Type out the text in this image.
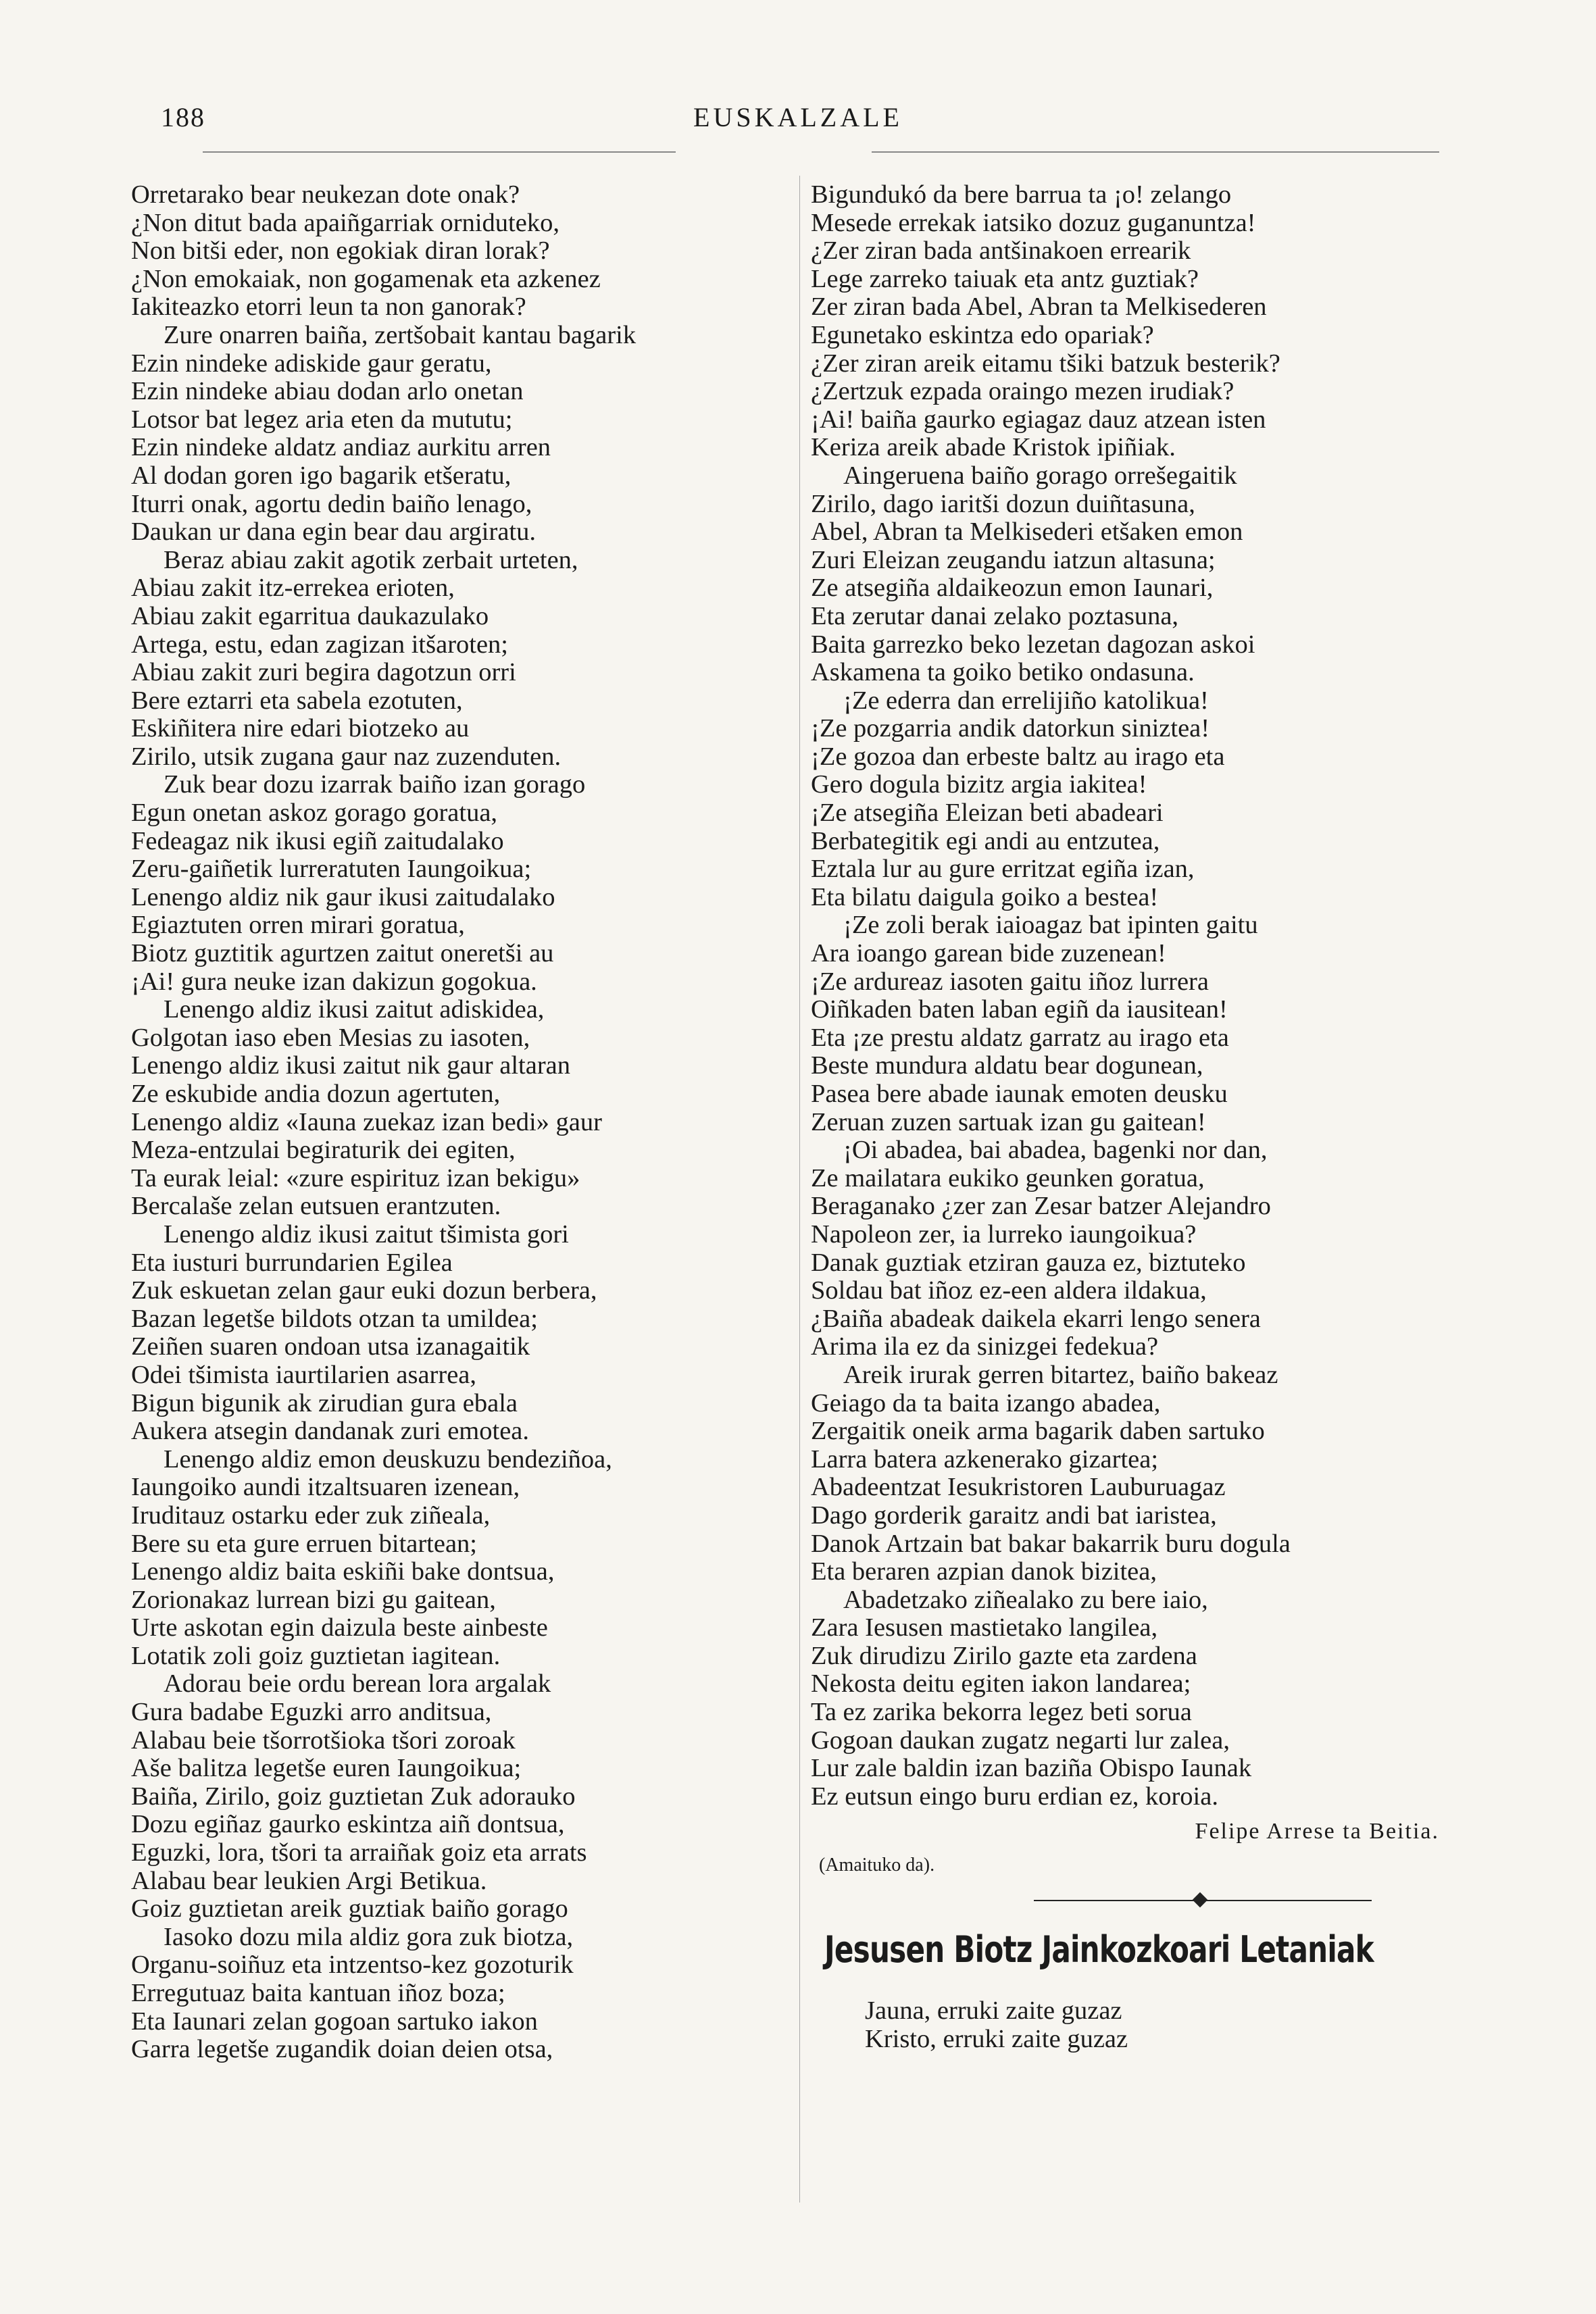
188	EUSKALZALE
Orretarako bear neukezan dote onak?
¿Non ditut bada apaiñgarriak orniduteko,
Non bitši eder, non egokiak diran lorak?
¿Non emokaiak, non gogamenak eta azkenez
Iakiteazko etorri leun ta non ganorak?
Zure onarren baiña, zertšobait kantau bagarik
Ezin nindeke adiskide gaur geratu,
Ezin nindeke abiau dodan arlo onetan
Lotsor bat legez aria eten da mututu;
Ezin nindeke aldatz andiaz aurkitu arren
Al dodan goren igo bagarik etšeratu,
Iturri onak, agortu dedin baiño lenago,
Daukan ur dana egin bear dau argiratu.
Beraz abiau zakit agotik zerbait urteten,
Abiau zakit itz-errekea erioten,
Abiau zakit egarritua daukazulako
Artega, estu, edan zagizan itšaroten;
Abiau zakit zuri begira dagotzun orri
Bere eztarri eta sabela ezotuten,
Eskiñitera nire edari biotzeko au
Zirilo, utsik zugana gaur naz zuzenduten.
Zuk bear dozu izarrak baiño izan gorago
Egun onetan askoz gorago goratua,
Fedeagaz nik ikusi egiñ zaitudalako
Zeru-gaiñetik lurreratuten Iaungoikua;
Lenengo aldiz nik gaur ikusi zaitudalako
Egiaztuten orren mirari goratua,
Biotz guztitik agurtzen zaitut oneretši au
¡Ai! gura neuke izan dakizun gogokua.
Lenengo aldiz ikusi zaitut adiskidea,
Golgotan iaso eben Mesias zu iasoten,
Lenengo aldiz ikusi zaitut nik gaur altaran
Ze eskubide andia dozun agertuten,
Lenengo aldiz «Iauna zuekaz izan bedi» gaur
Meza-entzulai begiraturik dei egiten,
Ta eurak leial: «zure espirituz izan bekigu»
Bercalaše zelan eutsuen erantzuten.
Lenengo aldiz ikusi zaitut tšimista gori
Eta iusturi burrundarien Egilea
Zuk eskuetan zelan gaur euki dozun berbera,
Bazan legetše bildots otzan ta umildea;
Zeiñen suaren ondoan utsa izanagaitik
Odei tšimista iaurtilarien asarrea,
Bigun bigunik ak zirudian gura ebala
Aukera atsegin dandanak zuri emotea.
Lenengo aldiz emon deuskuzu bendeziñoa,
Iaungoiko aundi itzaltsuaren izenean,
Iruditauz ostarku eder zuk ziñeala,
Bere su eta gure erruen bitartean;
Lenengo aldiz baita eskiñi bake dontsua,
Zorionakaz lurrean bizi gu gaitean,
Urte askotan egin daizula beste ainbeste
Lotatik zoli goiz guztietan iagitean.
Adorau beie ordu berean lora argalak
Gura badabe Eguzki arro anditsua,
Alabau beie tšorrotšioka tšori zoroak
Aše balitza legetše euren Iaungoikua;
Baiña, Zirilo, goiz guztietan Zuk adorauko
Dozu egiñaz gaurko eskintza aiñ dontsua,
Eguzki, lora, tšori ta arraiñak goiz eta arrats
Alabau bear leukien Argi Betikua.
Goiz guztietan areik guztiak baiño gorago
Iasoko dozu mila aldiz gora zuk biotza,
Organu-soiñuz eta intzentso-kez gozoturik
Erregutuaz baita kantuan iñoz boza;
Eta Iaunari zelan gogoan sartuko iakon
Garra legetše zugandik doian deien otsa,
Bigundukó da bere barrua ta ¡o! zelango
Mesede errekak iatsiko dozuz guganuntza!
¿Zer ziran bada antšinakoen errearik
Lege zarreko taiuak eta antz guztiak?
Zer ziran bada Abel, Abran ta Melkisederen
Egunetako eskintza edo opariak?
¿Zer ziran areik eitamu tšiki batzuk besterik?
¿Zertzuk ezpada oraingo mezen irudiak?
¡Ai! baiña gaurko egiagaz dauz atzean isten
Keriza areik abade Kristok ipiñiak.
Aingeruena baiño gorago orrešegaitik
Zirilo, dago iaritši dozun duiñtasuna,
Abel, Abran ta Melkisederi etšaken emon
Zuri Eleizan zeugandu iatzun altasuna;
Ze atsegiña aldaikeozun emon Iaunari,
Eta zerutar danai zelako poztasuna,
Baita garrezko beko lezetan dagozan askoi
Askamena ta goiko betiko ondasuna.
¡Ze ederra dan errelijiño katolikua!
¡Ze pozgarria andik datorkun sinizteа!
¡Ze gozoa dan erbeste baltz au irago eta
Gero dogula bizitz argia iakitea!
¡Ze atsegiña Eleizan beti abadeari
Berbategitik egi andi au entzutea,
Eztala lur au gure erritzat egiña izan,
Eta bilatu daigula goiko a bestea!
¡Ze zoli berak iaioagaz bat ipinten gaitu
Ara ioango garean bide zuzenean!
¡Ze ardureaz iasoten gaitu iñoz lurrera
Oiñkaden baten laban egiñ da iausitean!
Eta ¡ze prestu aldatz garratz au irago eta
Beste mundura aldatu bear dogunean,
Pasea bere abade iaunak emoten deusku
Zeruan zuzen sartuak izan gu gaitean!
¡Oi abadea, bai abadea, bagenki nor dan,
Ze mailatara eukiko geunken goratua,
Beraganako ¿zer zan Zesar batzer Alejandro
Napoleon zer, ia lurreko iaungoikua?
Danak guztiak etziran gauza ez, biztuteko
Soldau bat iñoz ez-een aldera ildakua,
¿Baiña abadeak daikela ekarri lengo senera
Arima ila ez da sinizgei fedekua?
Areik irurak gerren bitartez, baiño bakeaz
Geiago da ta baita izango abadea,
Zergaitik oneik arma bagarik daben sartuko
Larra batera azkenerako gizartea;
Abadeentzat Iesukristoren Lauburuagaz
Dago gorderik garaitz andi bat iaristea,
Danok Artzain bat bakar bakarrik buru dogula
Eta beraren azpian danok bizitea,
Abadetzako ziñealako zu bere iaio,
Zara Iesusen mastietako langilea,
Zuk dirudizu Zirilo gazte eta zardena
Nekosta deitu egiten iakon landarea;
Ta ez zarika bekorra legez beti sorua
Gogoan daukan zugatz negarti lur zalea,
Lur zale baldin izan baziña Obispo Iaunak
Ez eutsun eingo buru erdian ez, koroia.
Felipe Arrese ta Beitia.
(Amaituko da).
Jesusen Biotz Jainkozkoari Letaniak
Jauna, erruki zaite guzaz
Kristo, erruki zaite guzaz
